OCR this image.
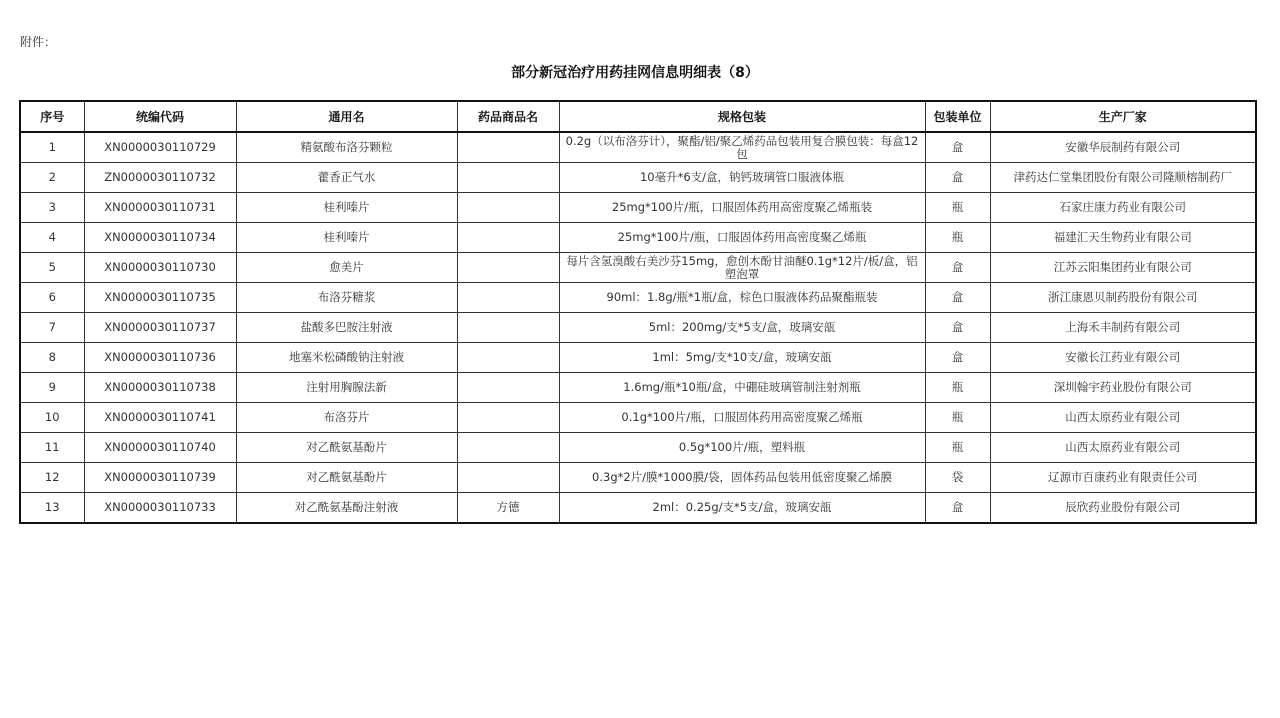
附件：
部分新冠治疗用药挂网信息明细表（8）
序号	统编代码	通用名	药品商品名	规格包装	包装单位	生产厂家
1	XN0000030110729	精氨酸布洛芬颗粒		0.2g（以布洛芬计），聚酯/铝/聚乙烯药品包装用复合膜包装：每盒12包	盒	安徽华辰制药有限公司
2	ZN0000030110732	藿香正气水		10毫升*6支/盒，钠钙玻璃管口服液体瓶	盒	津药达仁堂集团股份有限公司隆顺榕制药厂
3	XN0000030110731	桂利嗪片		25mg*100片/瓶，口服固体药用高密度聚乙烯瓶装	瓶	石家庄康力药业有限公司
4	XN0000030110734	桂利嗪片		25mg*100片/瓶，口服固体药用高密度聚乙烯瓶	瓶	福建汇天生物药业有限公司
5	XN0000030110730	愈美片		每片含氢溴酸右美沙芬15mg，愈创木酚甘油醚0.1g*12片/板/盒，铝塑泡罩	盒	江苏云阳集团药业有限公司
6	XN0000030110735	布洛芬糖浆		90ml：1.8g/瓶*1瓶/盒，棕色口服液体药品聚酯瓶装	盒	浙江康恩贝制药股份有限公司
7	XN0000030110737	盐酸多巴胺注射液		5ml：200mg/支*5支/盒，玻璃安瓿	盒	上海禾丰制药有限公司
8	XN0000030110736	地塞米松磷酸钠注射液		1ml：5mg/支*10支/盒，玻璃安瓿	盒	安徽长江药业有限公司
9	XN0000030110738	注射用胸腺法新		1.6mg/瓶*10瓶/盒，中硼硅玻璃管制注射剂瓶	瓶	深圳翰宇药业股份有限公司
10	XN0000030110741	布洛芬片		0.1g*100片/瓶，口服固体药用高密度聚乙烯瓶	瓶	山西太原药业有限公司
11	XN0000030110740	对乙酰氨基酚片		0.5g*100片/瓶，塑料瓶	瓶	山西太原药业有限公司
12	XN0000030110739	对乙酰氨基酚片		0.3g*2片/膜*1000膜/袋，固体药品包装用低密度聚乙烯膜	袋	辽源市百康药业有限责任公司
13	XN0000030110733	对乙酰氨基酚注射液	方德	2ml：0.25g/支*5支/盒，玻璃安瓿	盒	辰欣药业股份有限公司
